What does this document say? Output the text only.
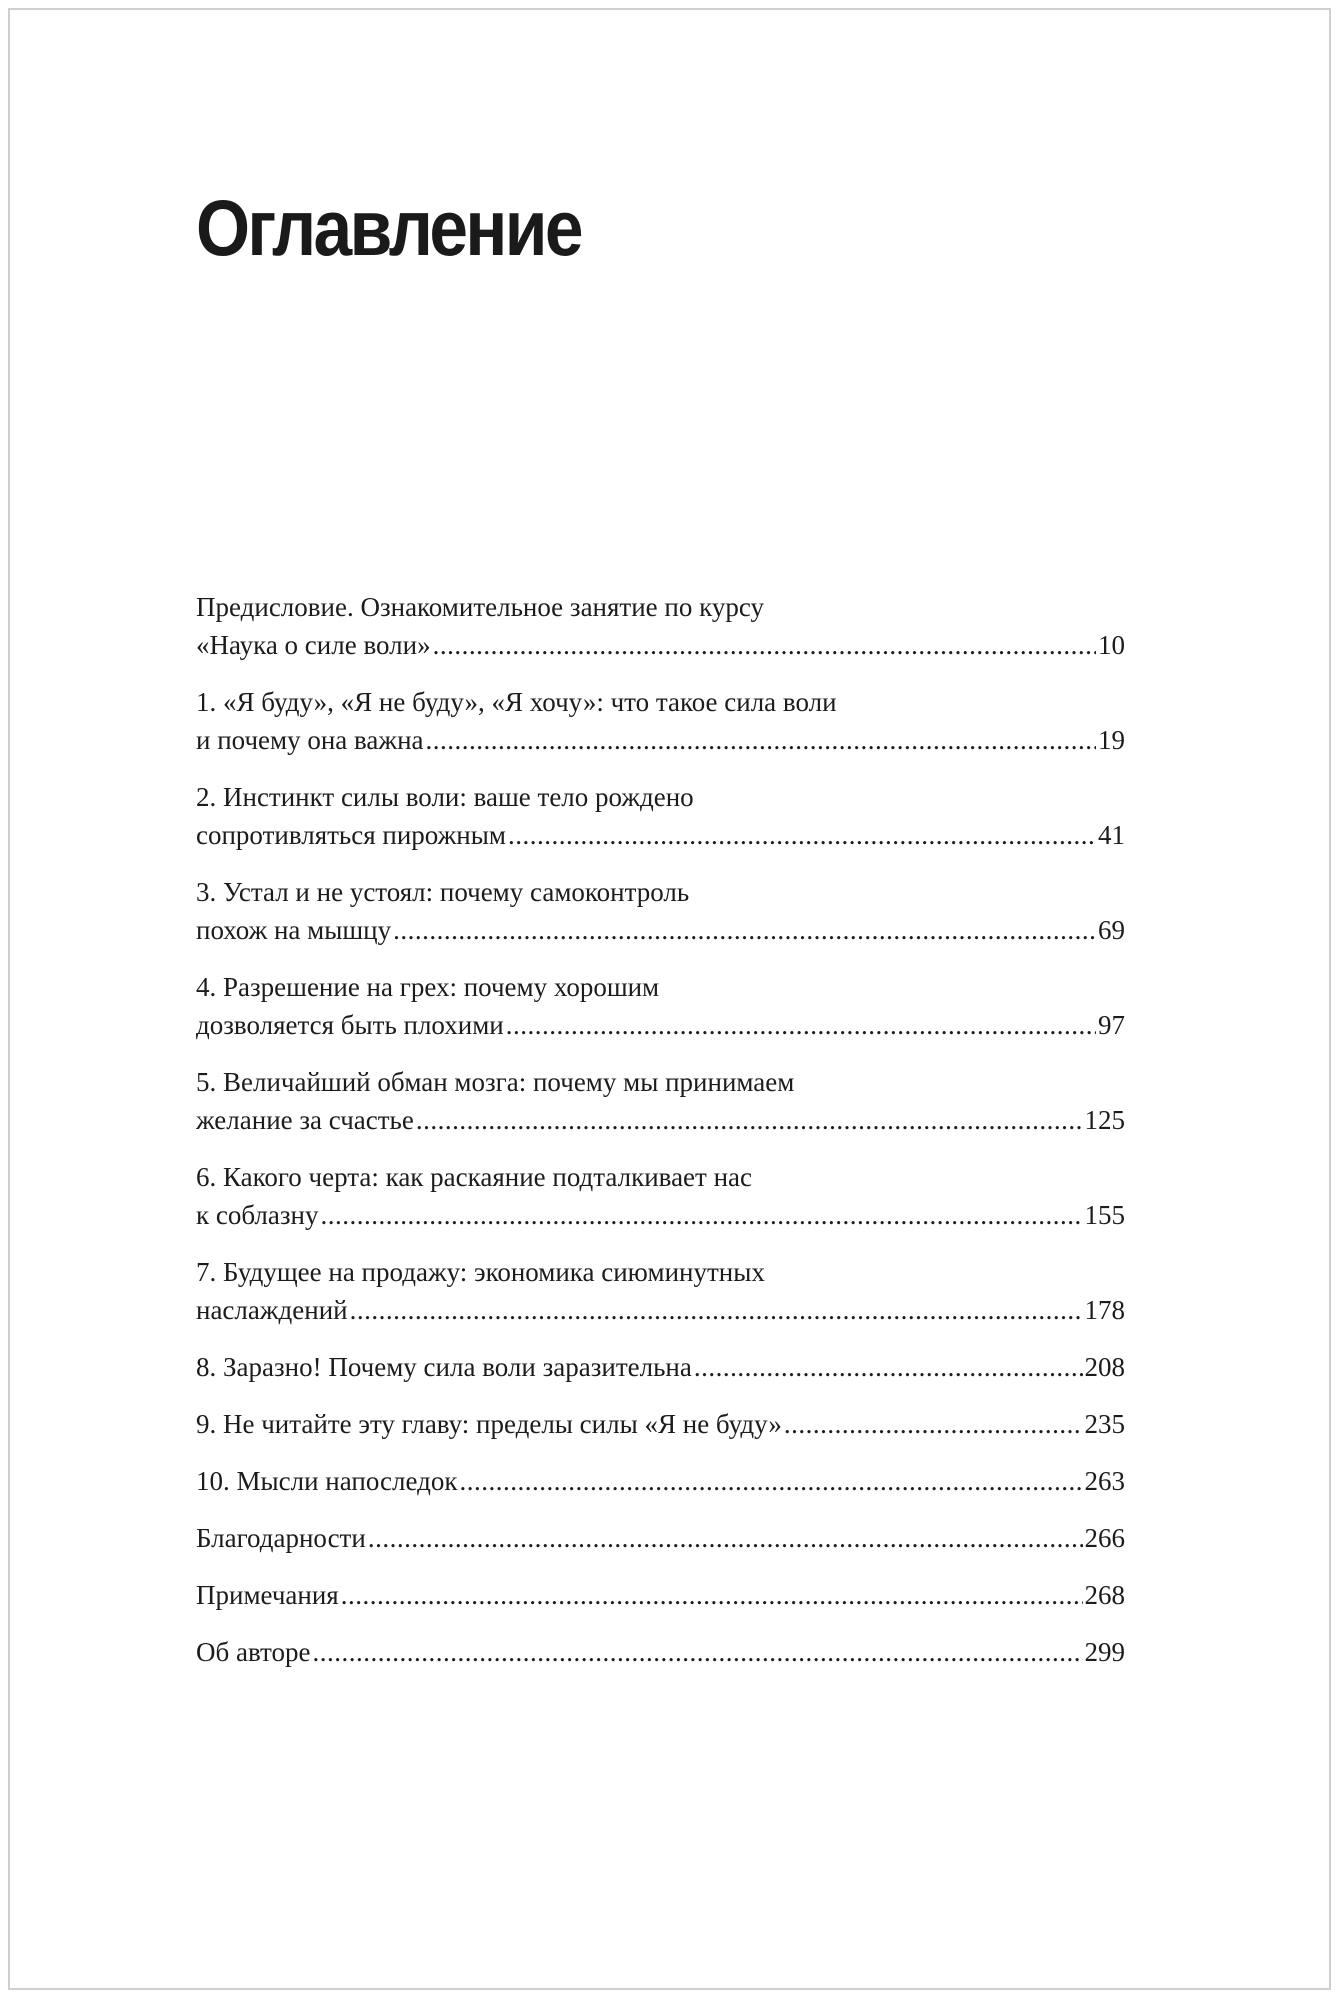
Оглавление
Предисловие. Ознакомительное занятие по курсу
«Наука о силе воли» .....	10
1. «Я буду», «Я не буду», «Я хочу»: что такое сила воли
и почему она важна .....	19
2. Инстинкт силы воли: ваше тело рождено
сопротивляться пирожным .....	41
3. Устал и не устоял: почему самоконтроль
похож на мышцу .....	69
4. Разрешение на грех: почему хорошим
дозволяется быть плохими .....	97
5. Величайший обман мозга: почему мы принимаем
желание за счастье .....	125
6. Какого черта: как раскаяние подталкивает нас
к соблазну .....	155
7. Будущее на продажу: экономика сиюминутных
наслаждений .....	178
8. Заразно! Почему сила воли заразительна .....	208
9. Не читайте эту главу: пределы силы «Я не буду» .....	235
10. Мысли напоследок .....	263
Благодарности .....	266
Примечания .....	268
Об авторе .....	299
